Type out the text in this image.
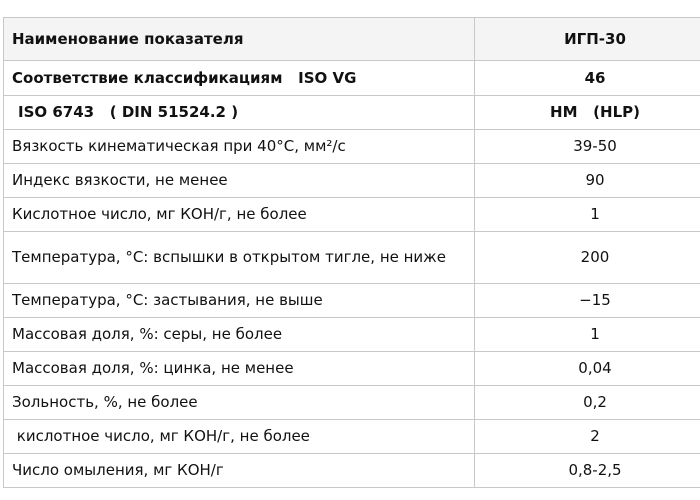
Наименование показателя	ИГП-30
Соответствие классификациям   ISO VG	46
ISO 6743   ( DIN 51524.2 )	HM   (HLP)
Вязкость кинематическая при 40°С, мм²/с	39-50
Индекс вязкости, не менее	90
Кислотное число, мг КОН/г, не более	1
Температура, °С: вспышки в открытом тигле, не ниже	200
Температура, °С: застывания, не выше	−15
Массовая доля, %: серы, не более	1
Массовая доля, %: цинка, не менее	0,04
Зольность, %, не более	0,2
кислотное число, мг КОН/г, не более	2
Число омыления, мг КОН/г	0,8-2,5
